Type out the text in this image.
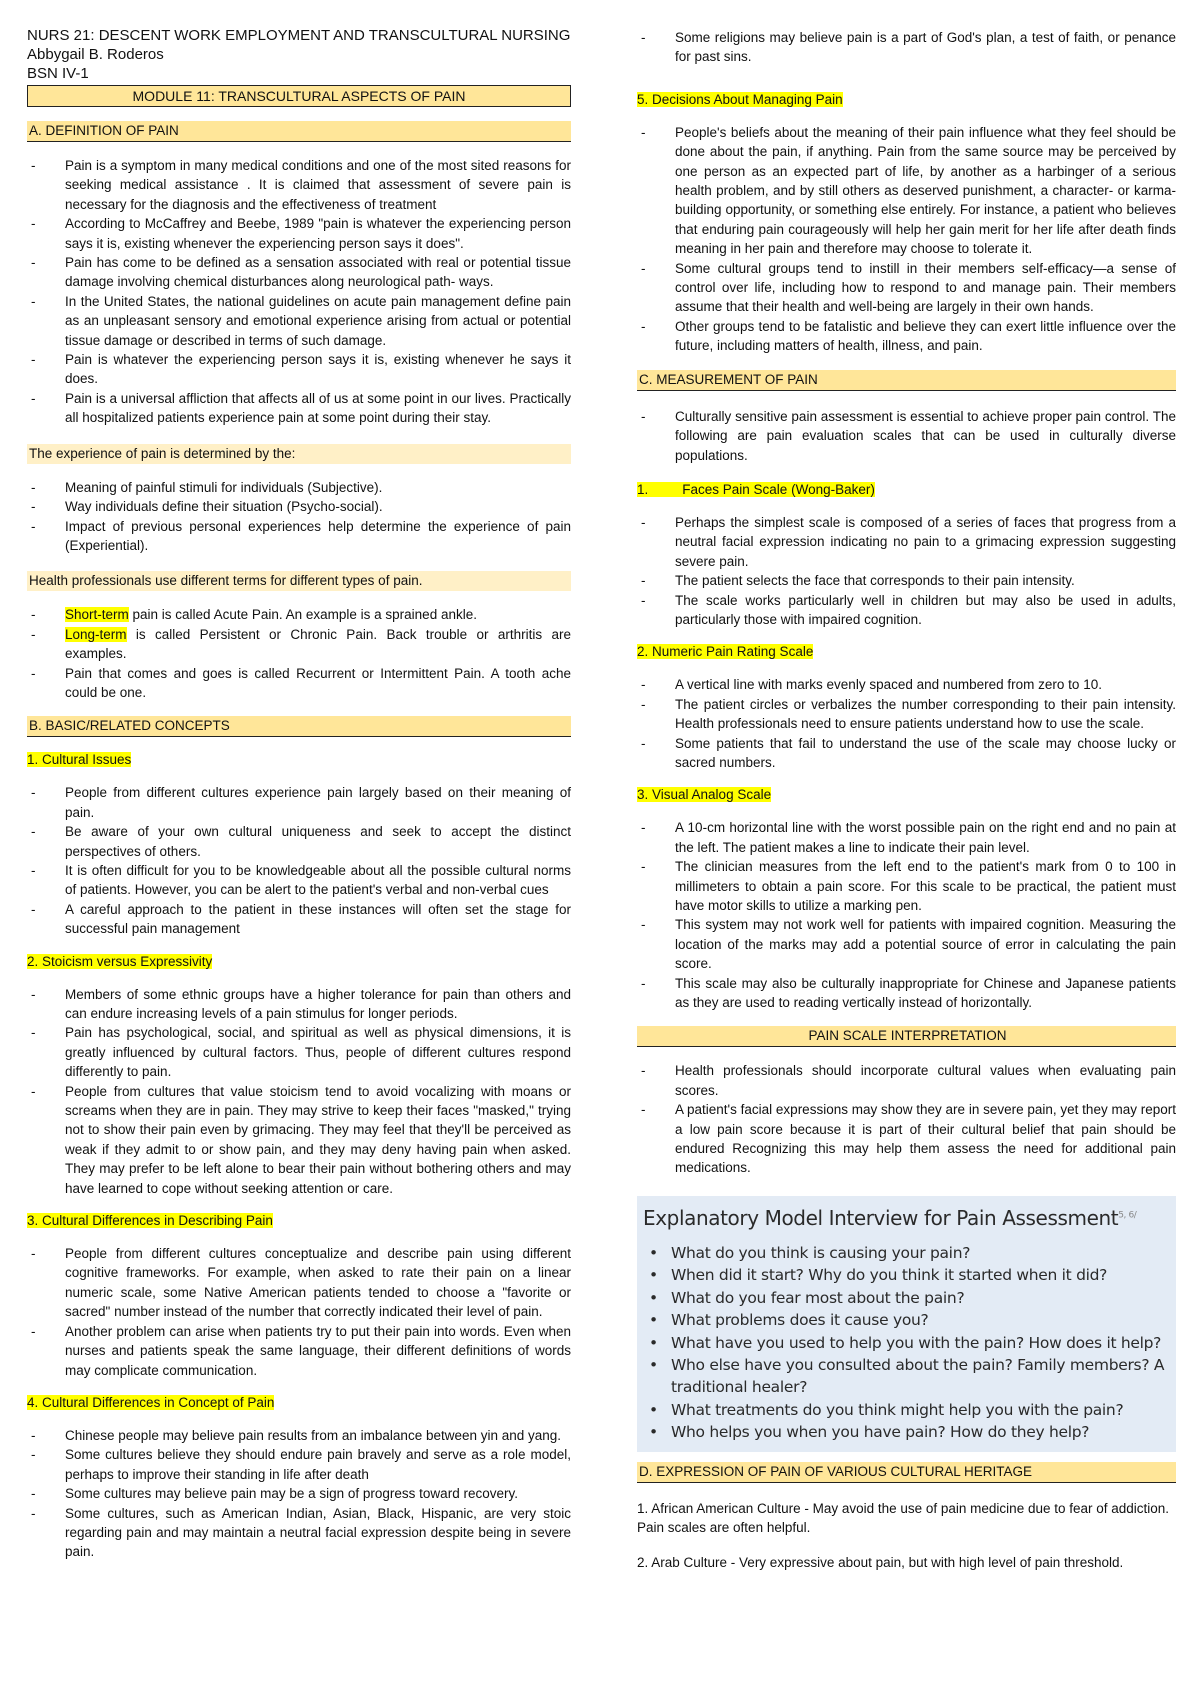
NURS 21: DESCENT WORK EMPLOYMENT AND TRANSCULTURAL NURSING
Abbygail B. Roderos
BSN IV-1
MODULE 11: TRANSCULTURAL ASPECTS OF PAIN
A. DEFINITION OF PAIN
- Pain is a symptom in many medical conditions and one of the most sited reasons for seeking medical assistance . It is claimed that assessment of severe pain is necessary for the diagnosis and the effectiveness of treatment
- According to McCaffrey and Beebe, 1989 "pain is whatever the experiencing person says it is, existing whenever the experiencing person says it does".
- Pain has come to be defined as a sensation associated with real or potential tissue damage involving chemical disturbances along neurological path- ways.
- In the United States, the national guidelines on acute pain management define pain as an unpleasant sensory and emotional experience arising from actual or potential tissue damage or described in terms of such damage.
- Pain is whatever the experiencing person says it is, existing whenever he says it does.
- Pain is a universal affliction that affects all of us at some point in our lives. Practically all hospitalized patients experience pain at some point during their stay.
The experience of pain is determined by the:
- Meaning of painful stimuli for individuals (Subjective).
- Way individuals define their situation (Psycho-social).
- Impact of previous personal experiences help determine the experience of pain (Experiential).
Health professionals use different terms for different types of pain.
- Short-term pain is called Acute Pain. An example is a sprained ankle.
- Long-term is called Persistent or Chronic Pain. Back trouble or arthritis are examples.
- Pain that comes and goes is called Recurrent or Intermittent Pain. A tooth ache could be one.
B. BASIC/RELATED CONCEPTS
1. Cultural Issues
- People from different cultures experience pain largely based on their meaning of pain.
- Be aware of your own cultural uniqueness and seek to accept the distinct perspectives of others.
- It is often difficult for you to be knowledgeable about all the possible cultural norms of patients. However, you can be alert to the patient's verbal and non-verbal cues
- A careful approach to the patient in these instances will often set the stage for successful pain management
2. Stoicism versus Expressivity
- Members of some ethnic groups have a higher tolerance for pain than others and can endure increasing levels of a pain stimulus for longer periods.
- Pain has psychological, social, and spiritual as well as physical dimensions, it is greatly influenced by cultural factors. Thus, people of different cultures respond differently to pain.
- People from cultures that value stoicism tend to avoid vocalizing with moans or screams when they are in pain. They may strive to keep their faces "masked," trying not to show their pain even by grimacing. They may feel that they'll be perceived as weak if they admit to or show pain, and they may deny having pain when asked. They may prefer to be left alone to bear their pain without bothering others and may have learned to cope without seeking attention or care.
3. Cultural Differences in Describing Pain
- People from different cultures conceptualize and describe pain using different cognitive frameworks. For example, when asked to rate their pain on a linear numeric scale, some Native American patients tended to choose a "favorite or sacred" number instead of the number that correctly indicated their level of pain.
- Another problem can arise when patients try to put their pain into words. Even when nurses and patients speak the same language, their different definitions of words may complicate communication.
4. Cultural Differences in Concept of Pain
- Chinese people may believe pain results from an imbalance between yin and yang.
- Some cultures believe they should endure pain bravely and serve as a role model, perhaps to improve their standing in life after death
- Some cultures may believe pain may be a sign of progress toward recovery.
- Some cultures, such as American Indian, Asian, Black, Hispanic, are very stoic regarding pain and may maintain a neutral facial expression despite being in severe pain.
- Some religions may believe pain is a part of God's plan, a test of faith, or penance for past sins.
5. Decisions About Managing Pain
- People's beliefs about the meaning of their pain influence what they feel should be done about the pain, if anything. Pain from the same source may be perceived by one person as an expected part of life, by another as a harbinger of a serious health problem, and by still others as deserved punishment, a character- or karma-building opportunity, or something else entirely. For instance, a patient who believes that enduring pain courageously will help her gain merit for her life after death finds meaning in her pain and therefore may choose to tolerate it.
- Some cultural groups tend to instill in their members self-efficacy—a sense of control over life, including how to respond to and manage pain. Their members assume that their health and well-being are largely in their own hands.
- Other groups tend to be fatalistic and believe they can exert little influence over the future, including matters of health, illness, and pain.
C. MEASUREMENT OF PAIN
- Culturally sensitive pain assessment is essential to achieve proper pain control. The following are pain evaluation scales that can be used in culturally diverse populations.
1.	Faces Pain Scale (Wong-Baker)
- Perhaps the simplest scale is composed of a series of faces that progress from a neutral facial expression indicating no pain to a grimacing expression suggesting severe pain.
- The patient selects the face that corresponds to their pain intensity.
- The scale works particularly well in children but may also be used in adults, particularly those with impaired cognition.
2. Numeric Pain Rating Scale
- A vertical line with marks evenly spaced and numbered from zero to 10.
- The patient circles or verbalizes the number corresponding to their pain intensity. Health professionals need to ensure patients understand how to use the scale.
- Some patients that fail to understand the use of the scale may choose lucky or sacred numbers.
3. Visual Analog Scale
- A 10-cm horizontal line with the worst possible pain on the right end and no pain at the left. The patient makes a line to indicate their pain level.
- The clinician measures from the left end to the patient's mark from 0 to 100 in millimeters to obtain a pain score. For this scale to be practical, the patient must have motor skills to utilize a marking pen.
- This system may not work well for patients with impaired cognition. Measuring the location of the marks may add a potential source of error in calculating the pain score.
- This scale may also be culturally inappropriate for Chinese and Japanese patients as they are used to reading vertically instead of horizontally.
PAIN SCALE INTERPRETATION
- Health professionals should incorporate cultural values when evaluating pain scores.
- A patient's facial expressions may show they are in severe pain, yet they may report a low pain score because it is part of their cultural belief that pain should be endured Recognizing this may help them assess the need for additional pain medications.
Explanatory Model Interview for Pain Assessment$^{5, 6/}$
• What do you think is causing your pain?
• When did it start? Why do you think it started when it did?
• What do you fear most about the pain?
• What problems does it cause you?
• What have you used to help you with the pain? How does it help?
• Who else have you consulted about the pain? Family members? A traditional healer?
• What treatments do you think might help you with the pain?
• Who helps you when you have pain? How do they help?
D. EXPRESSION OF PAIN OF VARIOUS CULTURAL HERITAGE
1. African American Culture - May avoid the use of pain medicine due to fear of addiction. Pain scales are often helpful.
2. Arab Culture - Very expressive about pain, but with high level of pain threshold.
